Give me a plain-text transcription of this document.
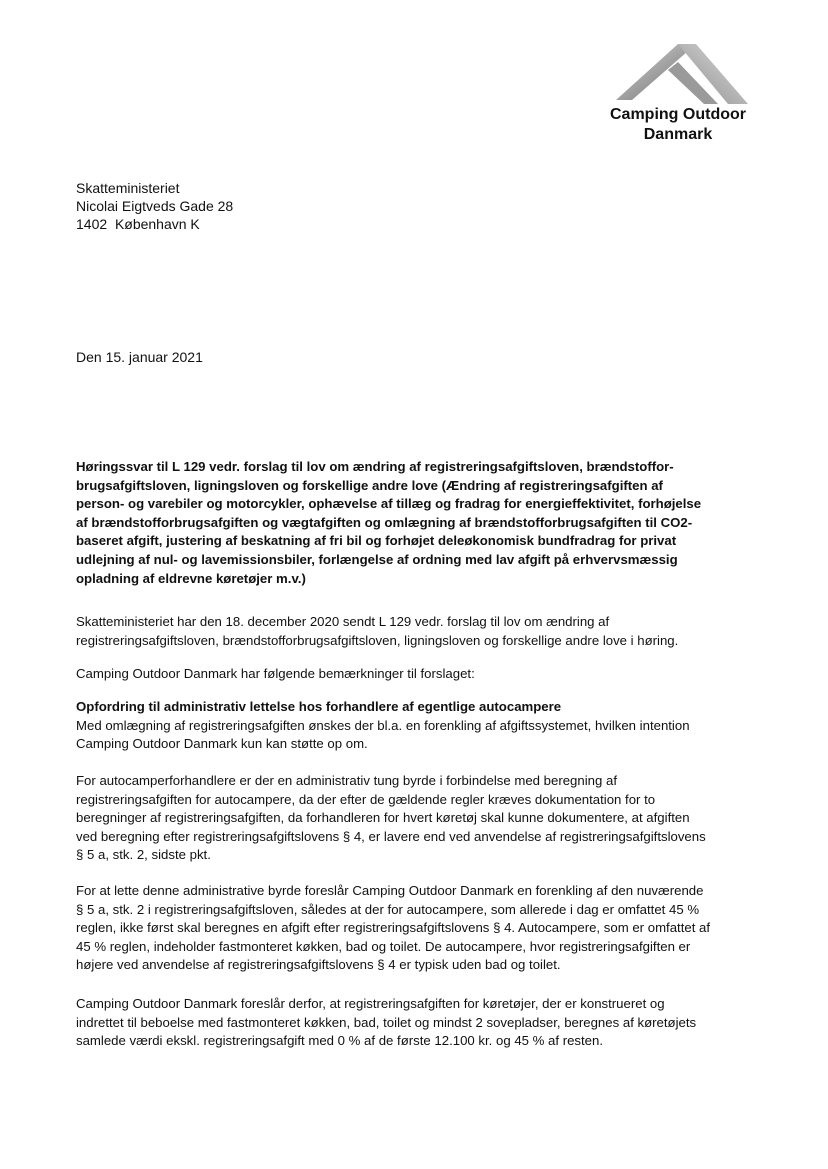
Camping Outdoor
Danmark
Skatteministeriet
Nicolai Eigtveds Gade 28
1402 København K
Den 15. januar 2021
Høringssvar til L 129 vedr. forslag til lov om ændring af registreringsafgiftsloven, brændstoffor-
brugsafgiftsloven, ligningsloven og forskellige andre love (Ændring af registreringsafgiften af
person- og varebiler og motorcykler, ophævelse af tillæg og fradrag for energieffektivitet, forhøjelse
af brændstofforbrugsafgiften og vægtafgiften og omlægning af brændstofforbrugsafgiften til CO2-
baseret afgift, justering af beskatning af fri bil og forhøjet deleøkonomisk bundfradrag for privat
udlejning af nul- og lavemissionsbiler, forlængelse af ordning med lav afgift på erhvervsmæssig
opladning af eldrevne køretøjer m.v.)
Skatteministeriet har den 18. december 2020 sendt L 129 vedr. forslag til lov om ændring af
registreringsafgiftsloven, brændstofforbrugsafgiftsloven, ligningsloven og forskellige andre love i høring.
Camping Outdoor Danmark har følgende bemærkninger til forslaget:
Opfordring til administrativ lettelse hos forhandlere af egentlige autocampere
Med omlægning af registreringsafgiften ønskes der bl.a. en forenkling af afgiftssystemet, hvilken intention
Camping Outdoor Danmark kun kan støtte op om.
For autocamperforhandlere er der en administrativ tung byrde i forbindelse med beregning af
registreringsafgiften for autocampere, da der efter de gældende regler kræves dokumentation for to
beregninger af registreringsafgiften, da forhandleren for hvert køretøj skal kunne dokumentere, at afgiften
ved beregning efter registreringsafgiftslovens § 4, er lavere end ved anvendelse af registreringsafgiftslovens
§ 5 a, stk. 2, sidste pkt.
For at lette denne administrative byrde foreslår Camping Outdoor Danmark en forenkling af den nuværende
§ 5 a, stk. 2 i registreringsafgiftsloven, således at der for autocampere, som allerede i dag er omfattet 45 %
reglen, ikke først skal beregnes en afgift efter registreringsafgiftslovens § 4. Autocampere, som er omfattet af
45 % reglen, indeholder fastmonteret køkken, bad og toilet. De autocampere, hvor registreringsafgiften er
højere ved anvendelse af registreringsafgiftslovens § 4 er typisk uden bad og toilet.
Camping Outdoor Danmark foreslår derfor, at registreringsafgiften for køretøjer, der er konstrueret og
indrettet til beboelse med fastmonteret køkken, bad, toilet og mindst 2 sovepladser, beregnes af køretøjets
samlede værdi ekskl. registreringsafgift med 0 % af de første 12.100 kr. og 45 % af resten.
